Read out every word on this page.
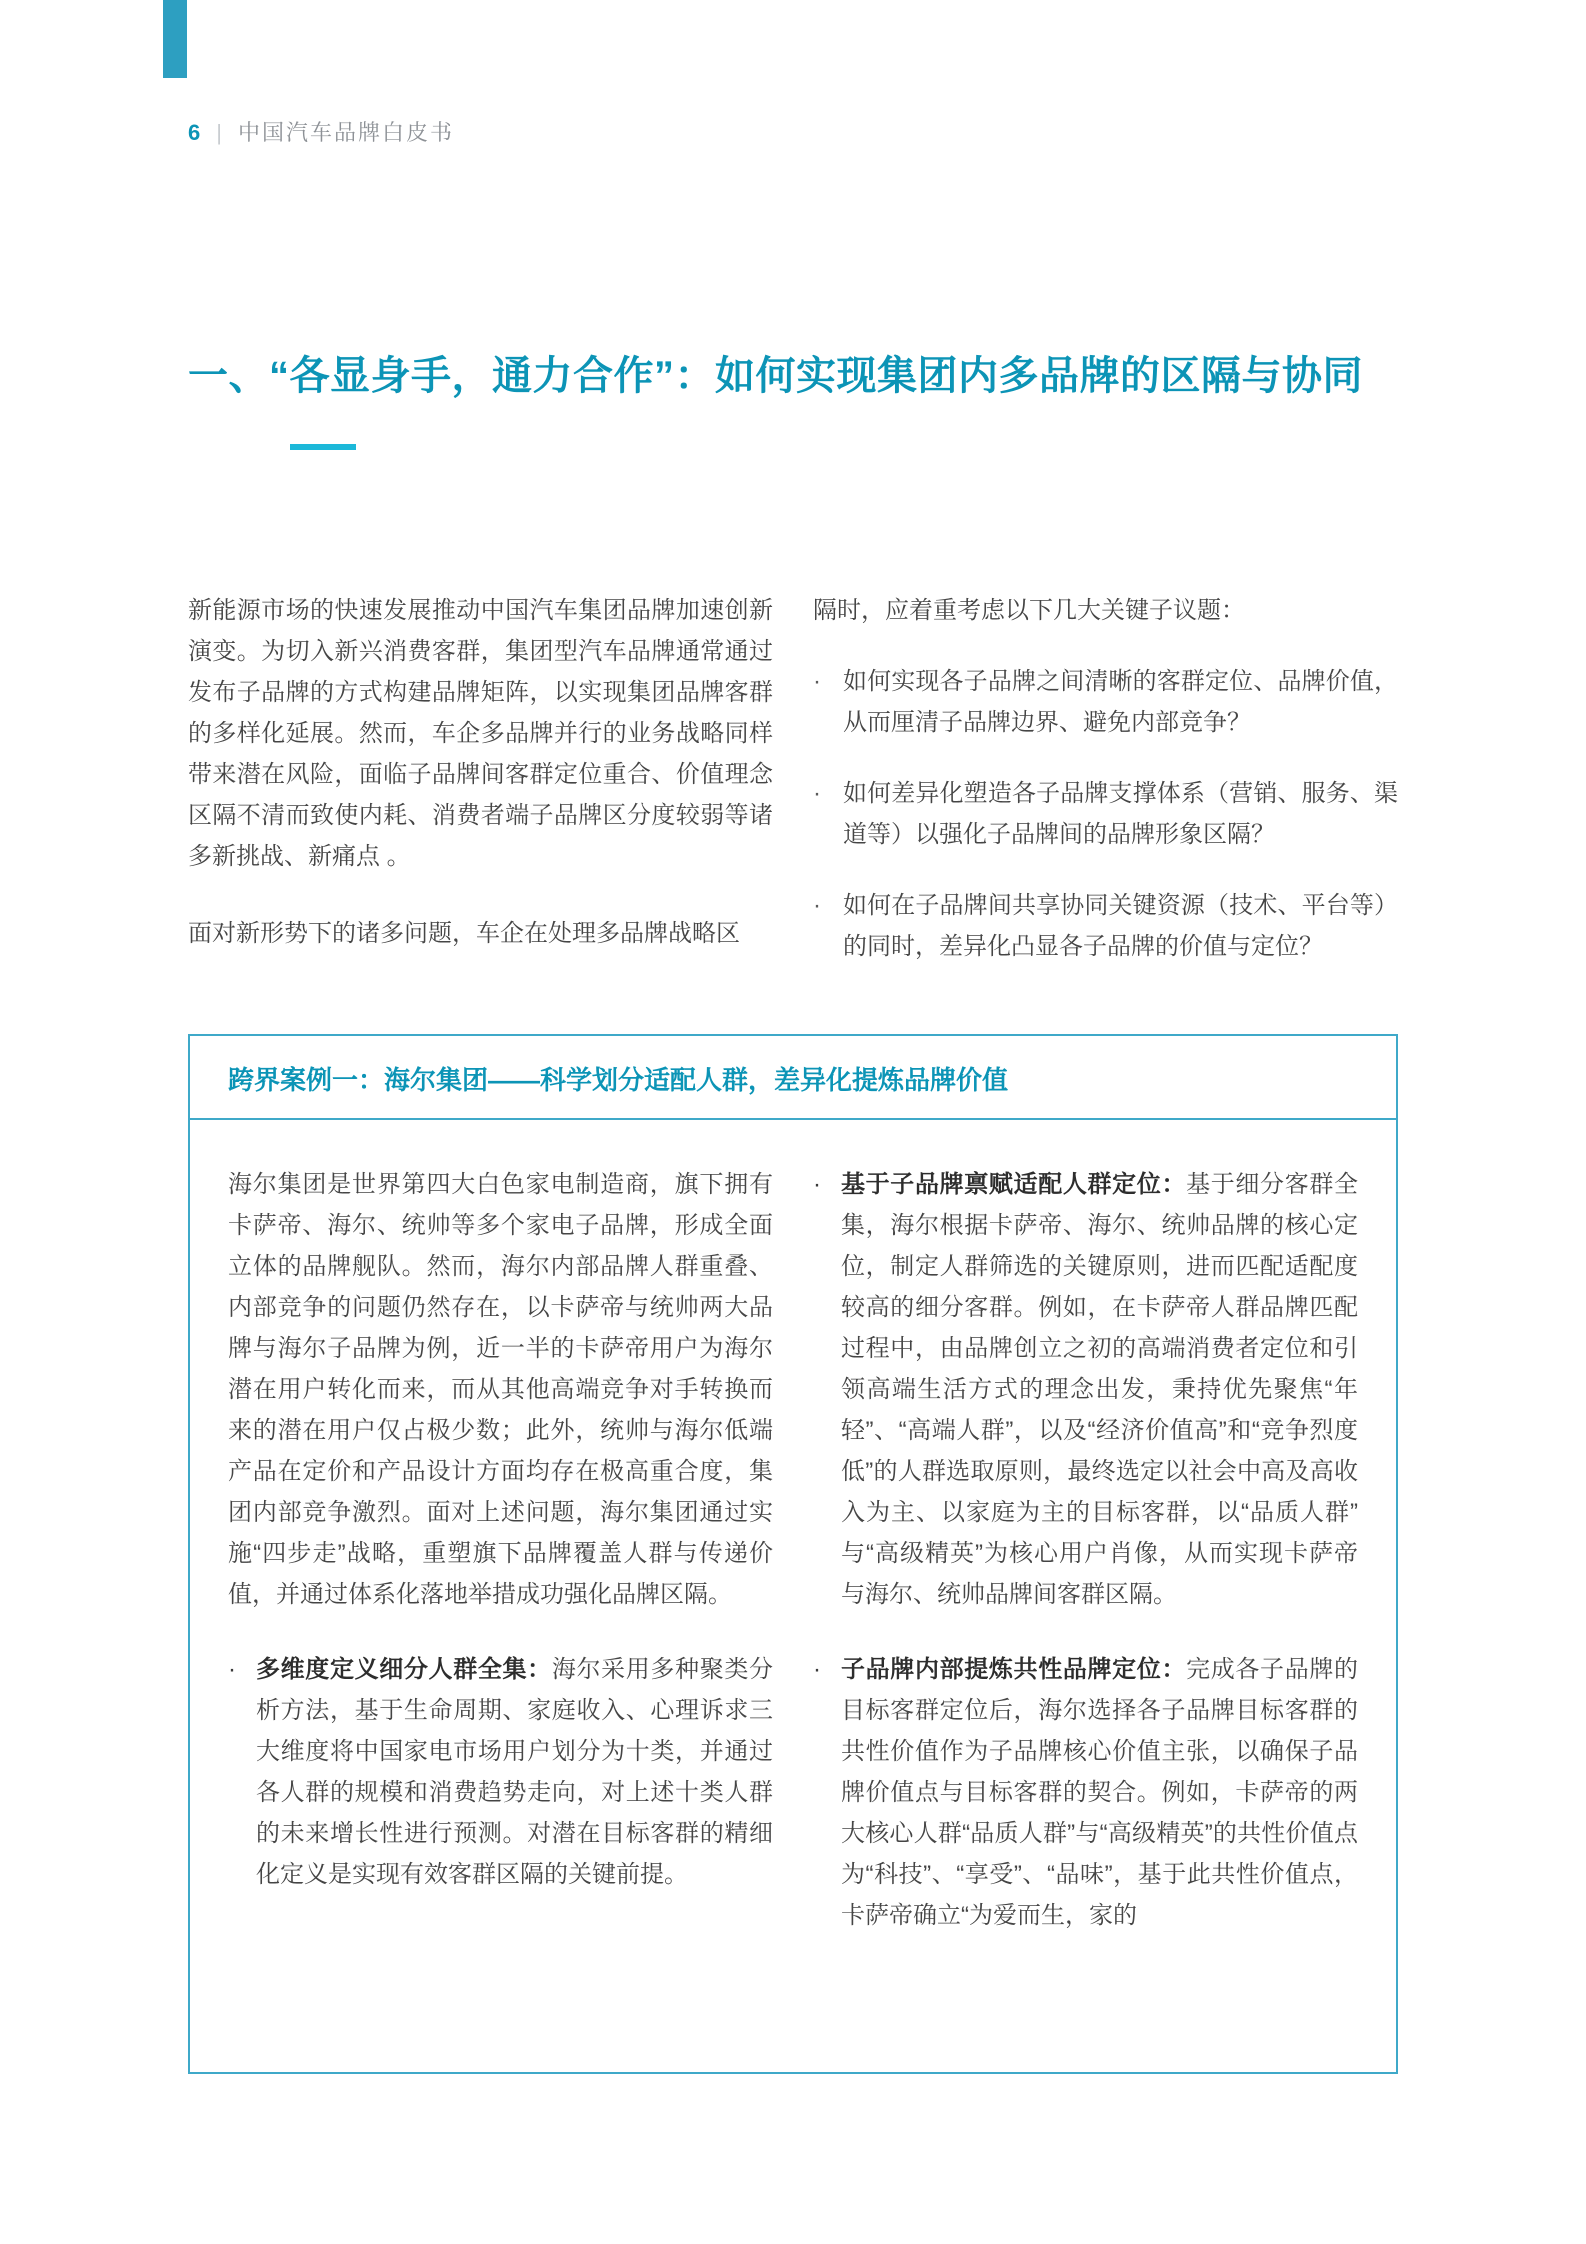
6 | 中国汽车品牌白皮书
一、“各显身手，通力合作”：如何实现集团内多品牌的区隔与协同

新能源市场的快速发展推动中国汽车集团品牌加速创新演变。为切入新兴消费客群，集团型汽车品牌通常通过发布子品牌的方式构建品牌矩阵，以实现集团品牌客群的多样化延展。然而，车企多品牌并行的业务战略同样带来潜在风险，面临子品牌间客群定位重合、价值理念区隔不清而致使内耗、消费者端子品牌区分度较弱等诸多新挑战、新痛点 。

面对新形势下的诸多问题，车企在处理多品牌战略区

隔时，应着重考虑以下几大关键子议题：

· 如何实现各子品牌之间清晰的客群定位、品牌价值，从而厘清子品牌边界、避免内部竞争？
· 如何差异化塑造各子品牌支撑体系（营销、服务、渠道等）以强化子品牌间的品牌形象区隔？
· 如何在子品牌间共享协同关键资源（技术、平台等）的同时，差异化凸显各子品牌的价值与定位？
跨界案例一：海尔集团——科学划分适配人群，差异化提炼品牌价值

海尔集团是世界第四大白色家电制造商，旗下拥有卡萨帝、海尔、统帅等多个家电子品牌，形成全面立体的品牌舰队。然而，海尔内部品牌人群重叠、内部竞争的问题仍然存在，以卡萨帝与统帅两大品牌与海尔子品牌为例，近一半的卡萨帝用户为海尔潜在用户转化而来，而从其他高端竞争对手转换而来的潜在用户仅占极少数；此外，统帅与海尔低端产品在定价和产品设计方面均存在极高重合度，集团内部竞争激烈。面对上述问题，海尔集团通过实施“四步走”战略，重塑旗下品牌覆盖人群与传递价值，并通过体系化落地举措成功强化品牌区隔。

· 多维度定义细分人群全集：海尔采用多种聚类分析方法，基于生命周期、家庭收入、心理诉求三大维度将中国家电市场用户划分为十类，并通过各人群的规模和消费趋势走向，对上述十类人群的未来增长性进行预测。对潜在目标客群的精细化定义是实现有效客群区隔的关键前提。

· 基于子品牌禀赋适配人群定位：基于细分客群全集，海尔根据卡萨帝、海尔、统帅品牌的核心定位，制定人群筛选的关键原则，进而匹配适配度较高的细分客群。例如，在卡萨帝人群品牌匹配过程中，由品牌创立之初的高端消费者定位和引领高端生活方式的理念出发，秉持优先聚焦“年轻”、“高端人群”，以及“经济价值高”和“竞争烈度低”的人群选取原则，最终选定以社会中高及高收入为主、以家庭为主的目标客群，以“品质人群”与“高级精英”为核心用户肖像，从而实现卡萨帝与海尔、统帅品牌间客群区隔。

· 子品牌内部提炼共性品牌定位：完成各子品牌的目标客群定位后，海尔选择各子品牌目标客群的共性价值作为子品牌核心价值主张，以确保子品牌价值点与目标客群的契合。例如，卡萨帝的两大核心人群“品质人群”与“高级精英”的共性价值点为“科技”、“享受”、“品味”，基于此共性价值点，卡萨帝确立“为爱而生，家的
